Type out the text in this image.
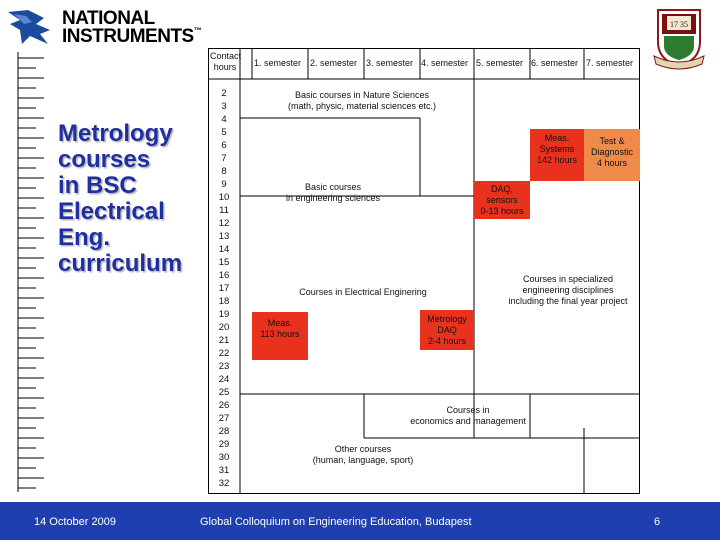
NATIONAL
INSTRUMENTS™
Metrology
courses
in BSC
Electrical
Eng.
curriculum
17 35
Contact
hours	1. semester 2. semester 3. semester 4. semester 5. semester 6. semester 7. semester
2
3
4
5
6
7
8
9
10
11
12
13
14
15
16
17
18
19
20
21
22
23
24
25
26
27
28
29
30
31
32
Basic courses in Nature Sciences
(math, physic, material sciences etc.)
Basic courses
in engineering sciences
Courses in Electrical Enginering
Courses in specialized
engineering disciplines
including the final year project
Courses in
economics and management
Other courses
(human, language, sport)
Meas.
113 hours
Metrology
DAQ
2-4 hours
DAQ,
sensors
0-13 hours
Meas.
Systems
142 hours
Test &
Diagnostic
4 hours
14 October 2009	Global Colloquium on Engineering Education, Budapest	6
